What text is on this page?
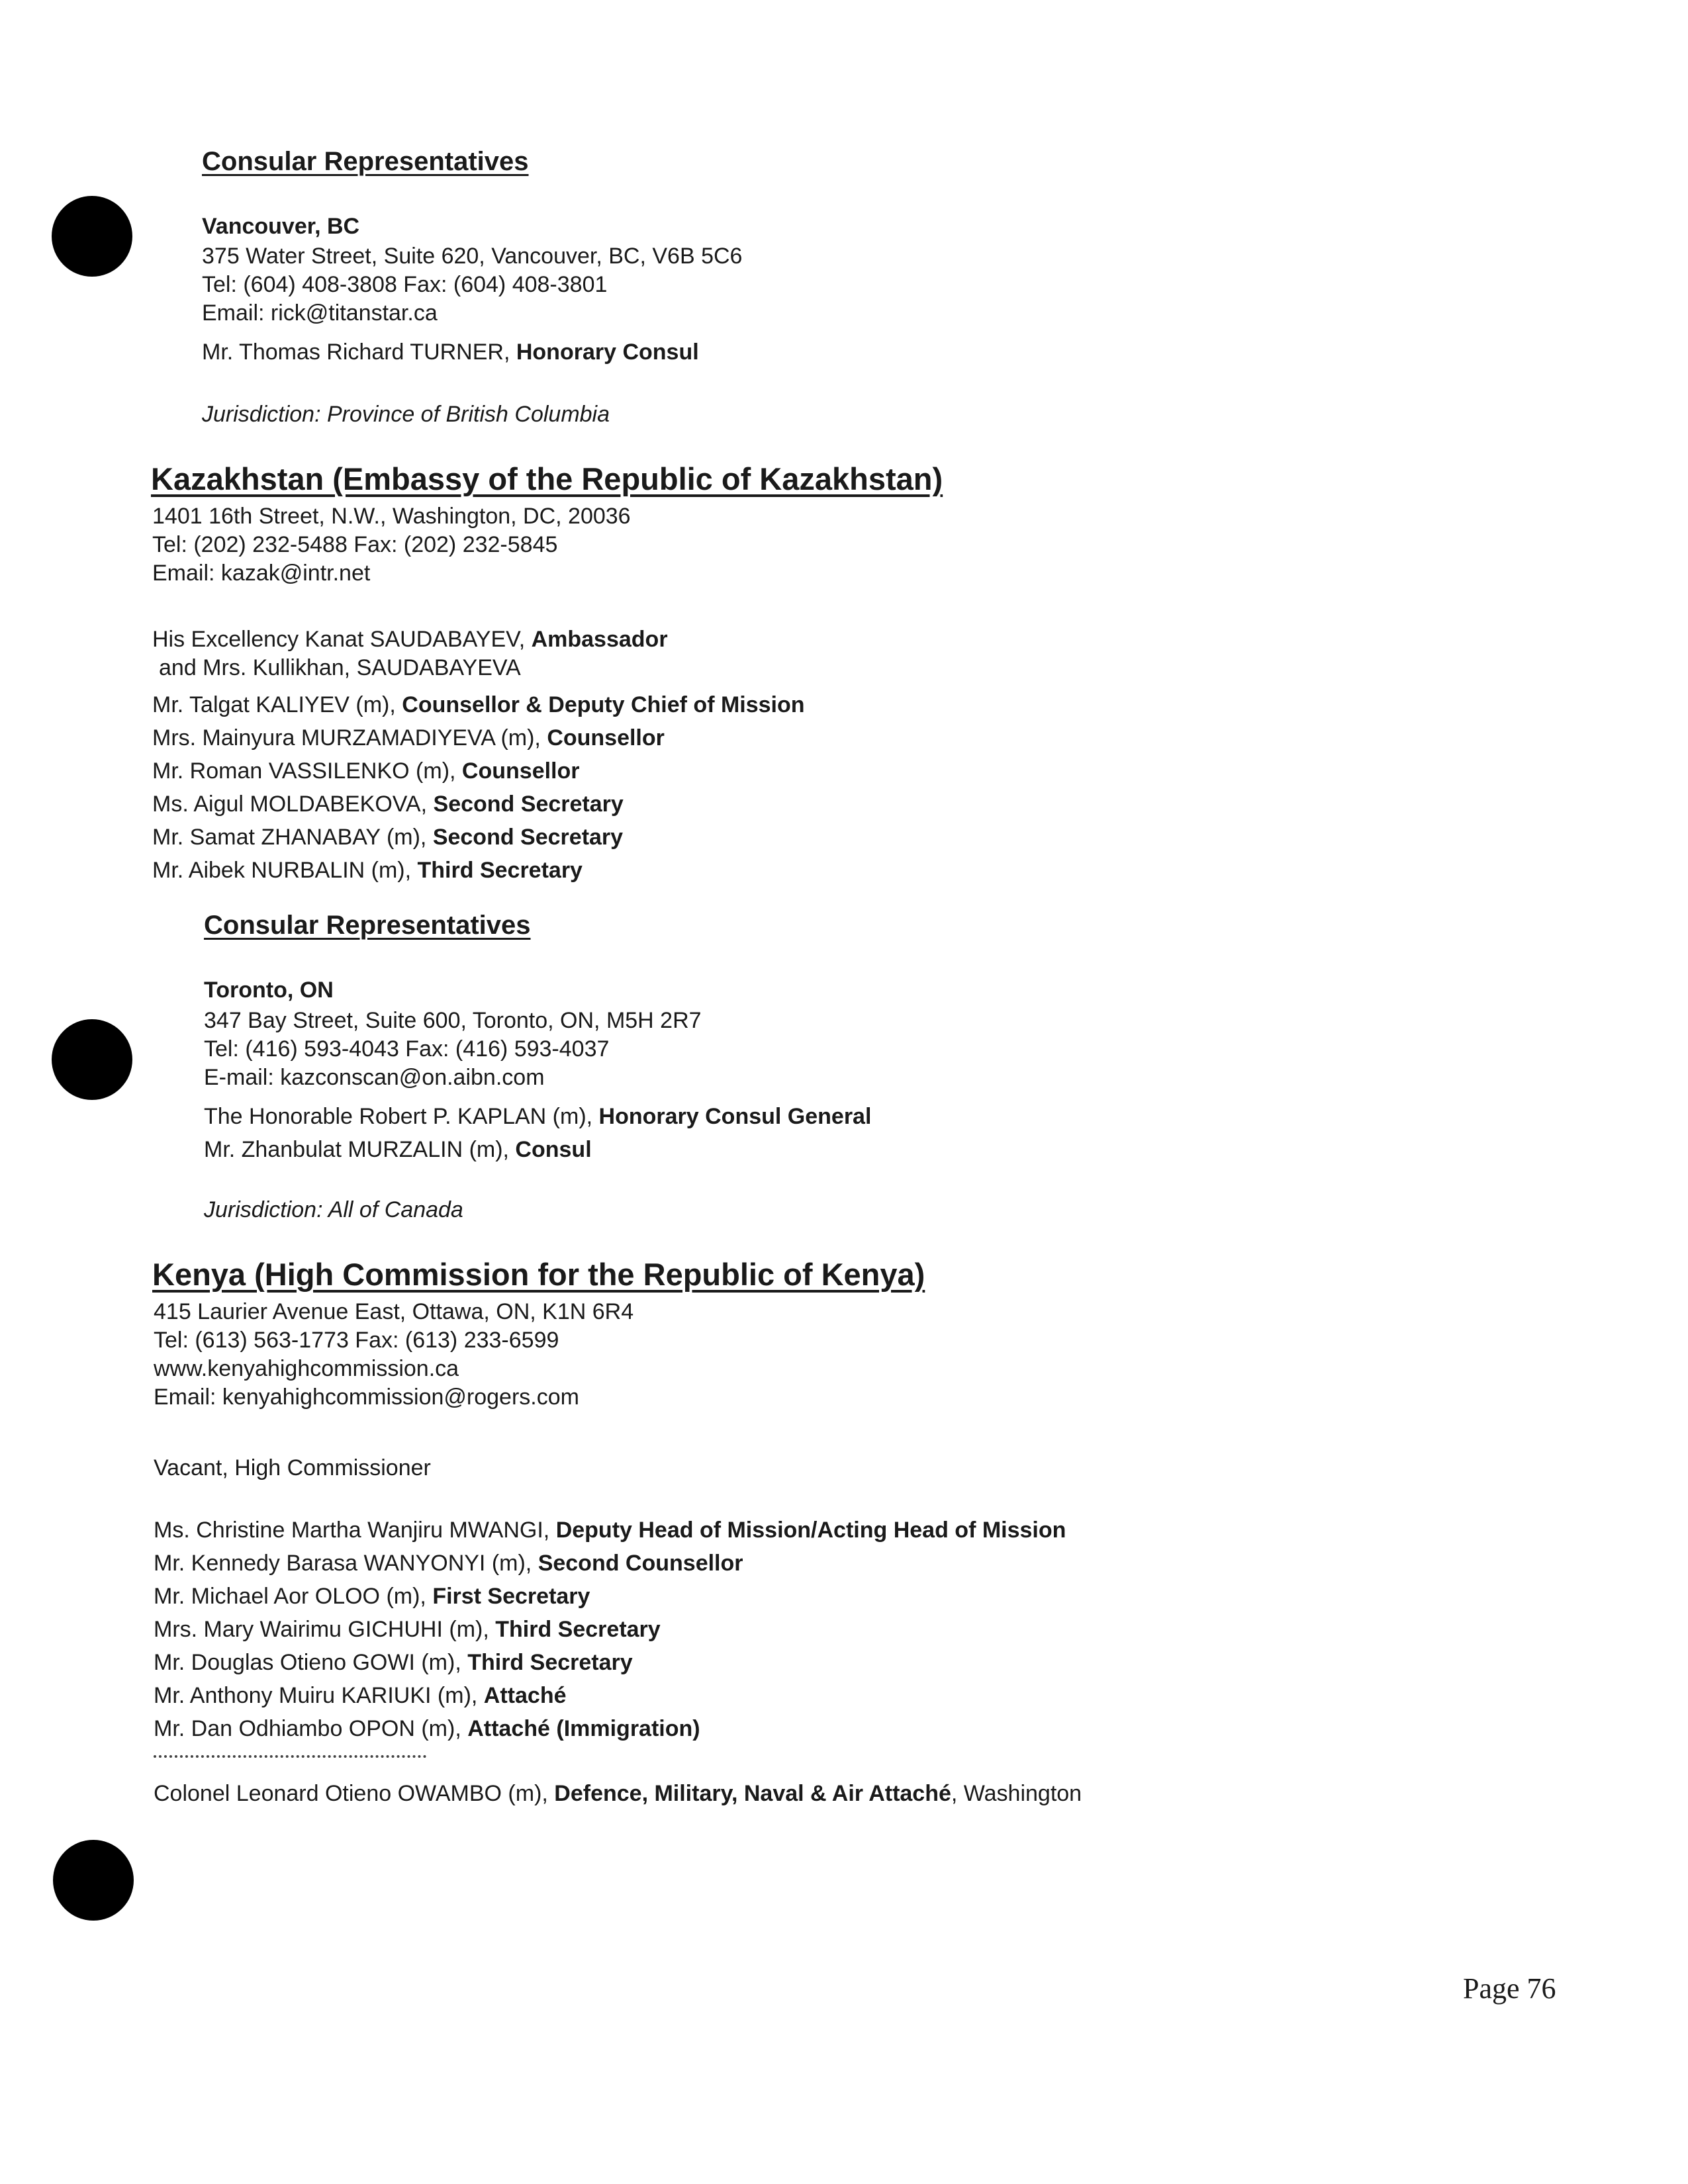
Consular Representatives

Vancouver, BC

375 Water Street, Suite 620, Vancouver, BC, V6B 5C6

Tel: (604) 408-3808 Fax: (604) 408-3801

Email: rick@titanstar.ca

Mr. Thomas Richard TURNER, Honorary Consul

Jurisdiction: Province of British Columbia

Kazakhstan (Embassy of the Republic of Kazakhstan)

1401 16th Street, N.W., Washington, DC, 20036

Tel: (202) 232-5488 Fax: (202) 232-5845

Email: kazak@intr.net

His Excellency Kanat SAUDABAYEV, Ambassador

and Mrs. Kullikhan, SAUDABAYEVA

Mr. Talgat KALIYEV (m), Counsellor & Deputy Chief of Mission

Mrs. Mainyura MURZAMADIYEVA (m), Counsellor

Mr. Roman VASSILENKO (m), Counsellor

Ms. Aigul MOLDABEKOVA, Second Secretary

Mr. Samat ZHANABAY (m), Second Secretary

Mr. Aibek NURBALIN (m), Third Secretary

Consular Representatives

Toronto, ON

347 Bay Street, Suite 600, Toronto, ON, M5H 2R7

Tel: (416) 593-4043 Fax: (416) 593-4037

E-mail: kazconscan@on.aibn.com

The Honorable Robert P. KAPLAN (m), Honorary Consul General

Mr. Zhanbulat MURZALIN (m), Consul

Jurisdiction: All of Canada

Kenya (High Commission for the Republic of Kenya)

415 Laurier Avenue East, Ottawa, ON, K1N 6R4

Tel: (613) 563-1773 Fax: (613) 233-6599

www.kenyahighcommission.ca

Email: kenyahighcommission@rogers.com

Vacant, High Commissioner

Ms. Christine Martha Wanjiru MWANGI, Deputy Head of Mission/Acting Head of Mission

Mr. Kennedy Barasa WANYONYI (m), Second Counsellor

Mr. Michael Aor OLOO (m), First Secretary

Mrs. Mary Wairimu GICHUHI (m), Third Secretary

Mr. Douglas Otieno GOWI (m), Third Secretary

Mr. Anthony Muiru KARIUKI (m), Attaché

Mr. Dan Odhiambo OPON (m), Attaché (Immigration)

Colonel Leonard Otieno OWAMBO (m), Defence, Military, Naval & Air Attaché, Washington

Page 76
